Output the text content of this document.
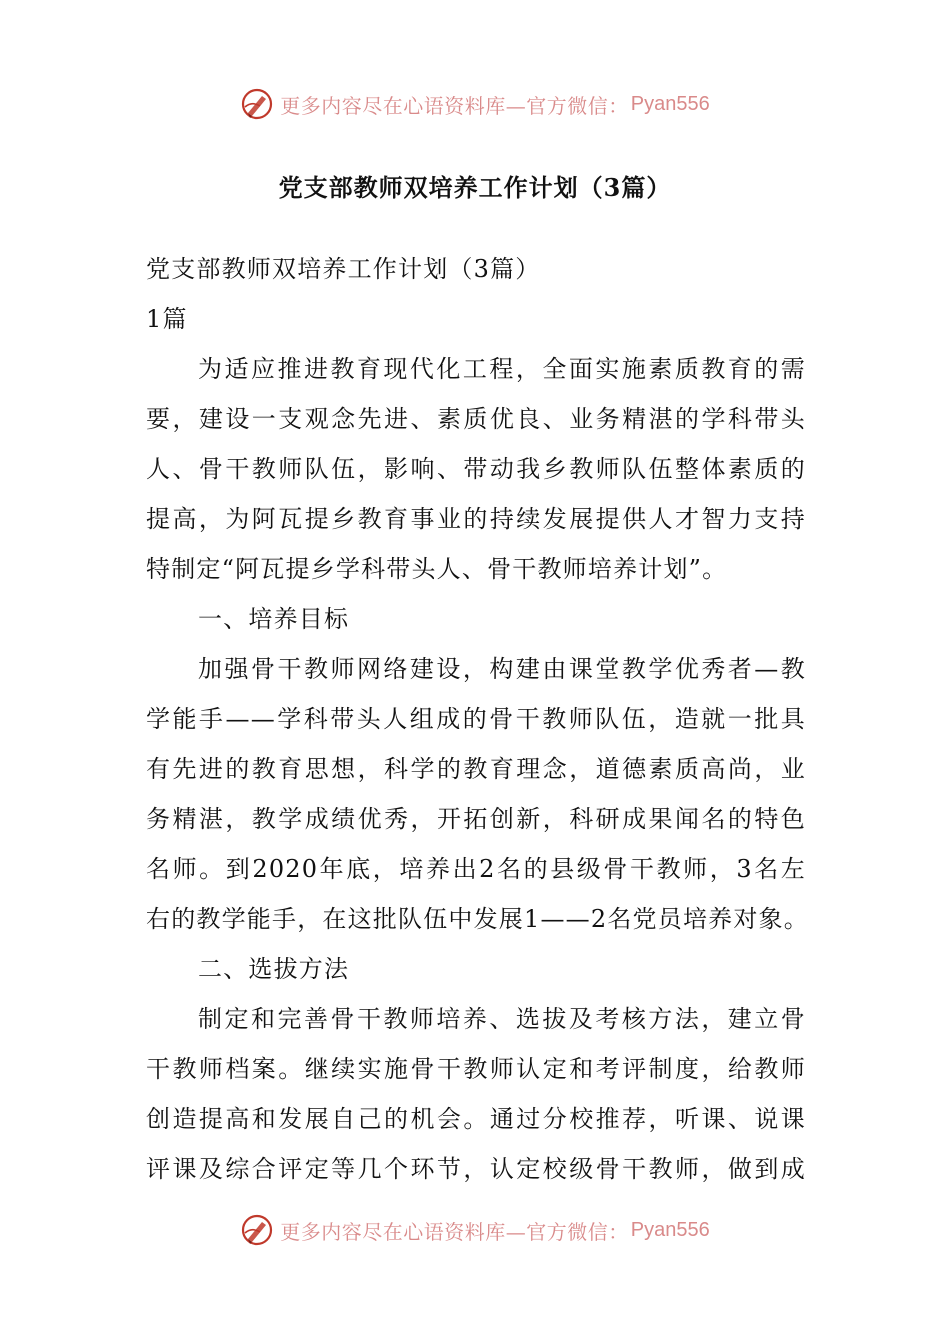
更多内容尽在心语资料库—官方微信： Pyan556
党支部教师双培养工作计划（3篇）
党支部教师双培养工作计划（3篇）
1篇
为适应推进教育现代化工程，全面实施素质教育的需
要，建设一支观念先进、素质优良、业务精湛的学科带头
人、骨干教师队伍，影响、带动我乡教师队伍整体素质的
提高，为阿瓦提乡教育事业的持续发展提供人才智力支持
特制定“阿瓦提乡学科带头人、骨干教师培养计划”。
一、培养目标
加强骨干教师网络建设，构建由课堂教学优秀者—教
学能手——学科带头人组成的骨干教师队伍，造就一批具
有先进的教育思想，科学的教育理念，道德素质高尚，业
务精湛，教学成绩优秀，开拓创新，科研成果闻名的特色
名师。到2020年底，培养出2名的县级骨干教师，3名左
右的教学能手，在这批队伍中发展1——2名党员培养对象。
二、选拔方法
制定和完善骨干教师培养、选拔及考核方法，建立骨
干教师档案。继续实施骨干教师认定和考评制度，给教师
创造提高和发展自己的机会。通过分校推荐，听课、说课
评课及综合评定等几个环节，认定校级骨干教师，做到成
更多内容尽在心语资料库—官方微信： Pyan556
